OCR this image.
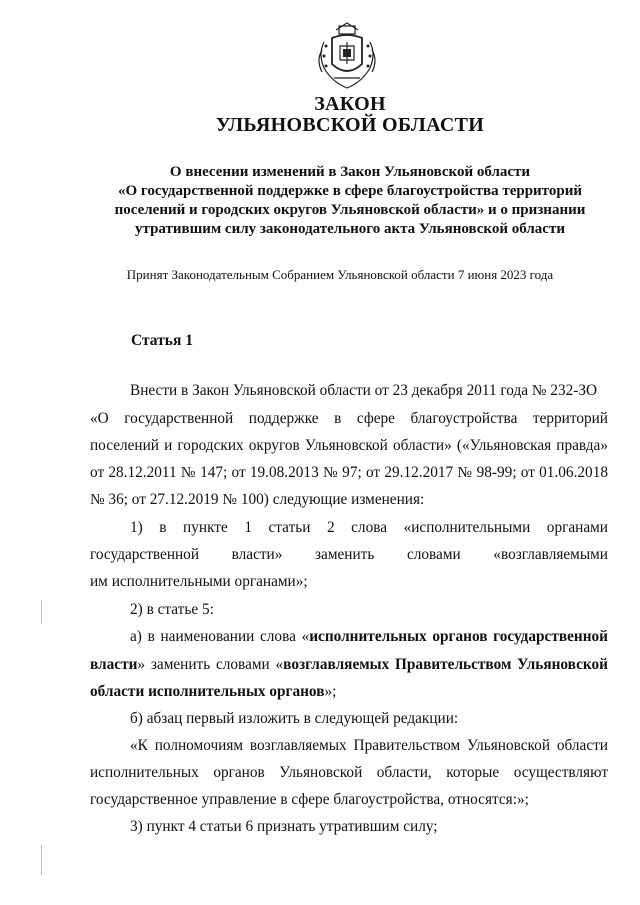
ЗАКОН
УЛЬЯНОВСКОЙ ОБЛАСТИ
О внесении изменений в Закон Ульяновской области
«О государственной поддержке в сфере благоустройства территорий
поселений и городских округов Ульяновской области» и о признании
утратившим силу законодательного акта Ульяновской области
Принят Законодательным Собранием Ульяновской области 7 июня 2023 года
Статья 1
Внести в Закон Ульяновской области от 23 декабря 2011 года № 232-ЗО
«О государственной поддержке в сфере благоустройства территорий
поселений и городских округов Ульяновской области» («Ульяновская правда»
от 28.12.2011 № 147; от 19.08.2013 № 97; от 29.12.2017 № 98-99; от 01.06.2018
№ 36; от 27.12.2019 № 100) следующие изменения:
1) в пункте 1 статьи 2 слова «исполнительными органами
государственной власти» заменить словами «возглавляемыми
им исполнительными органами»;
2) в статье 5:
а) в наименовании слова «исполнительных органов государственной
власти» заменить словами «возглавляемых Правительством Ульяновской
области исполнительных органов»;
б) абзац первый изложить в следующей редакции:
«К полномочиям возглавляемых Правительством Ульяновской области
исполнительных органов Ульяновской области, которые осуществляют
государственное управление в сфере благоустройства, относятся:»;
3) пункт 4 статьи 6 признать утратившим силу;
